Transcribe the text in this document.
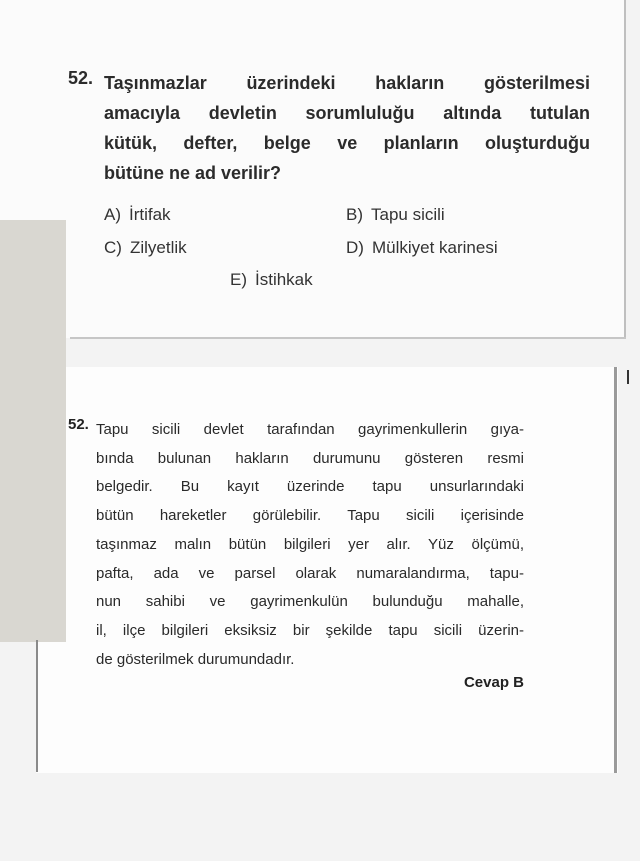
52. Taşınmazlar üzerindeki hakların gösterilmesi
amacıyla devletin sorumluluğu altında tutulan
kütük, defter, belge ve planların oluşturduğu
bütüne ne ad verilir?
A) İrtifak	B) Tapu sicili
C) Zilyetlik	D) Mülkiyet karinesi
E) İstihkak
52. Tapu sicili devlet tarafından gayrimenkullerin gıya-
bında bulunan hakların durumunu gösteren resmi
belgedir. Bu kayıt üzerinde tapu unsurlarındaki
bütün hareketler görülebilir. Tapu sicili içerisinde
taşınmaz malın bütün bilgileri yer alır. Yüz ölçümü,
pafta, ada ve parsel olarak numaralandırma, tapu-
nun sahibi ve gayrimenkulün bulunduğu mahalle,
il, ilçe bilgileri eksiksiz bir şekilde tapu sicili üzerin-
de gösterilmek durumundadır.
Cevap B
